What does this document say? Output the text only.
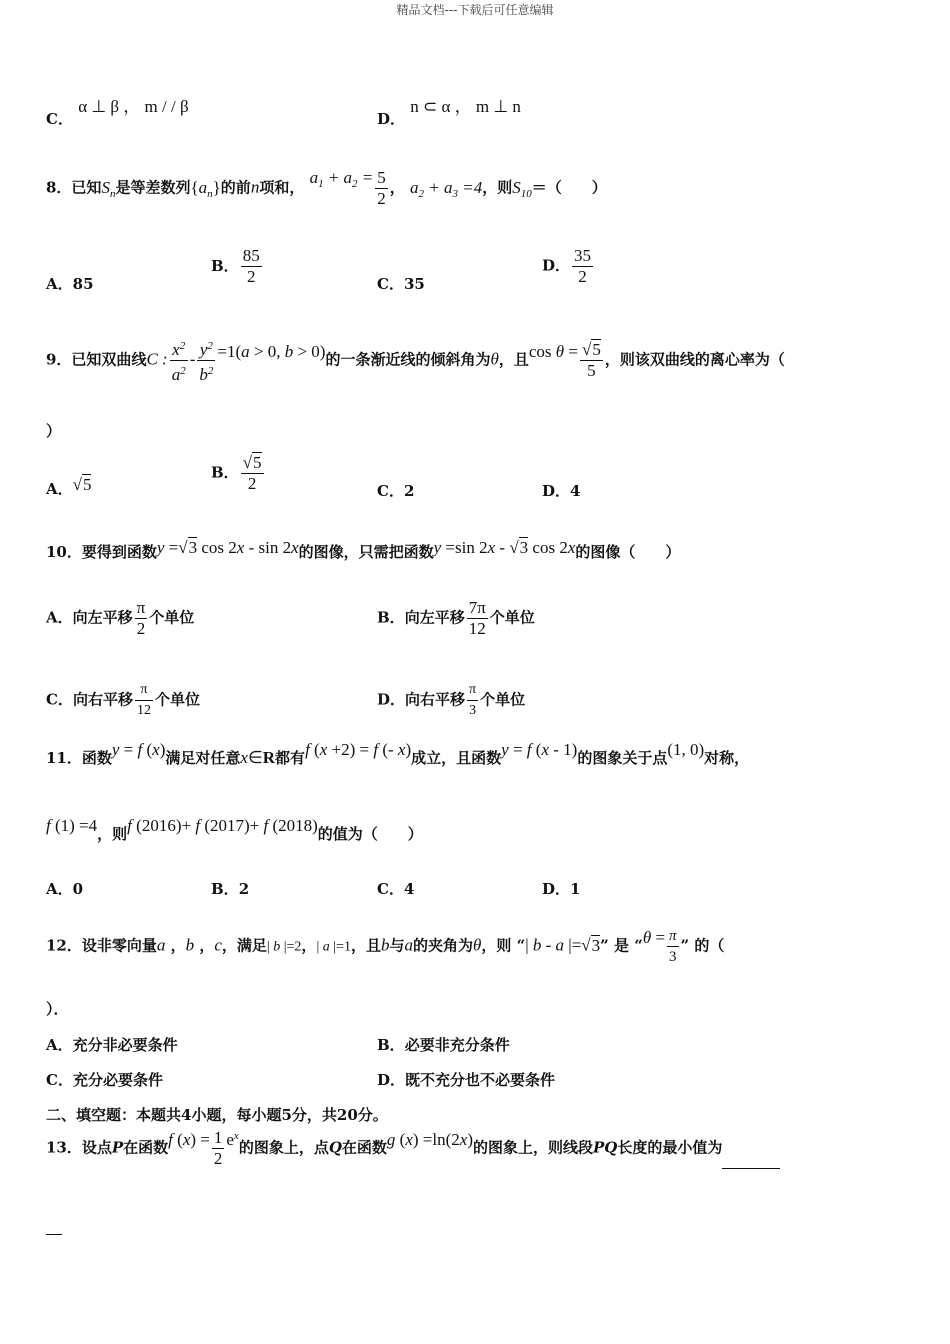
精品文档---下载后可任意编辑
C． α ⊥ β ， m / / β
D． n ⊂ α ， m ⊥ n
8．已知$S_n$是等差数列$\{a_n\}$的前n项和， $a_1 + a_2 = \frac{5}{2}$ ， $a_2 + a_3 =4$，则$S_{10}=$（　　）
A．85
B． $\frac{85}{2}$	C．35
D． $\frac{35}{2}$
9．已知双曲线C : $\frac{x^2}{a^2} - \frac{y^2}{b^2} =1(a > 0$, b > 0)的一条渐近线的倾斜角为θ，且$\cos \theta = \frac{√5}{5}$ ，则该双曲线的离心率为（
）
A．√5
B． $\frac{√5}{2}$	C．2	D．4
10．要得到函数y =√3 cos 2x - sin 2x的图像，只需把函数y =sin 2x - √3 cos 2x的图像（　　）
A．向左平移 $\frac{\pi}{2}$ 个单位	B．向左平移 $\frac{7\pi}{12}$ 个单位
C．向右平移 $\frac{\pi}{12}$ 个单位	D．向右平移 $\frac{\pi}{3}$ 个单位
11．函数y = f (x)满足对任意x∈R都有f (x +2) = f (- x)成立，且函数y = f (x - 1)的图象关于点(1, 0)对称，
f (1) =4，则f (2016)+ f (2017)+ f (2018)的值为（　　）
A．0	B．2	C．4	D．1
12．设非零向量a ，b ，c，满足| b |=2，| a |=1，且b与a的夹角为θ，则 “| b - a |=√3” 是 “$\theta = \frac{\pi}{3}$ ” 的（
）．
A．充分非必要条件	B．必要非充分条件
C．充分必要条件	D．既不充分也不必要条件
二、填空题：本题共4小题，每小题5分，共20分。
13．设点P在函数f $(x) = \frac{1}{2} e^x$的图象上，点Q在函数g (x) =ln(2x)的图象上，则线段PQ长度的最小值为
